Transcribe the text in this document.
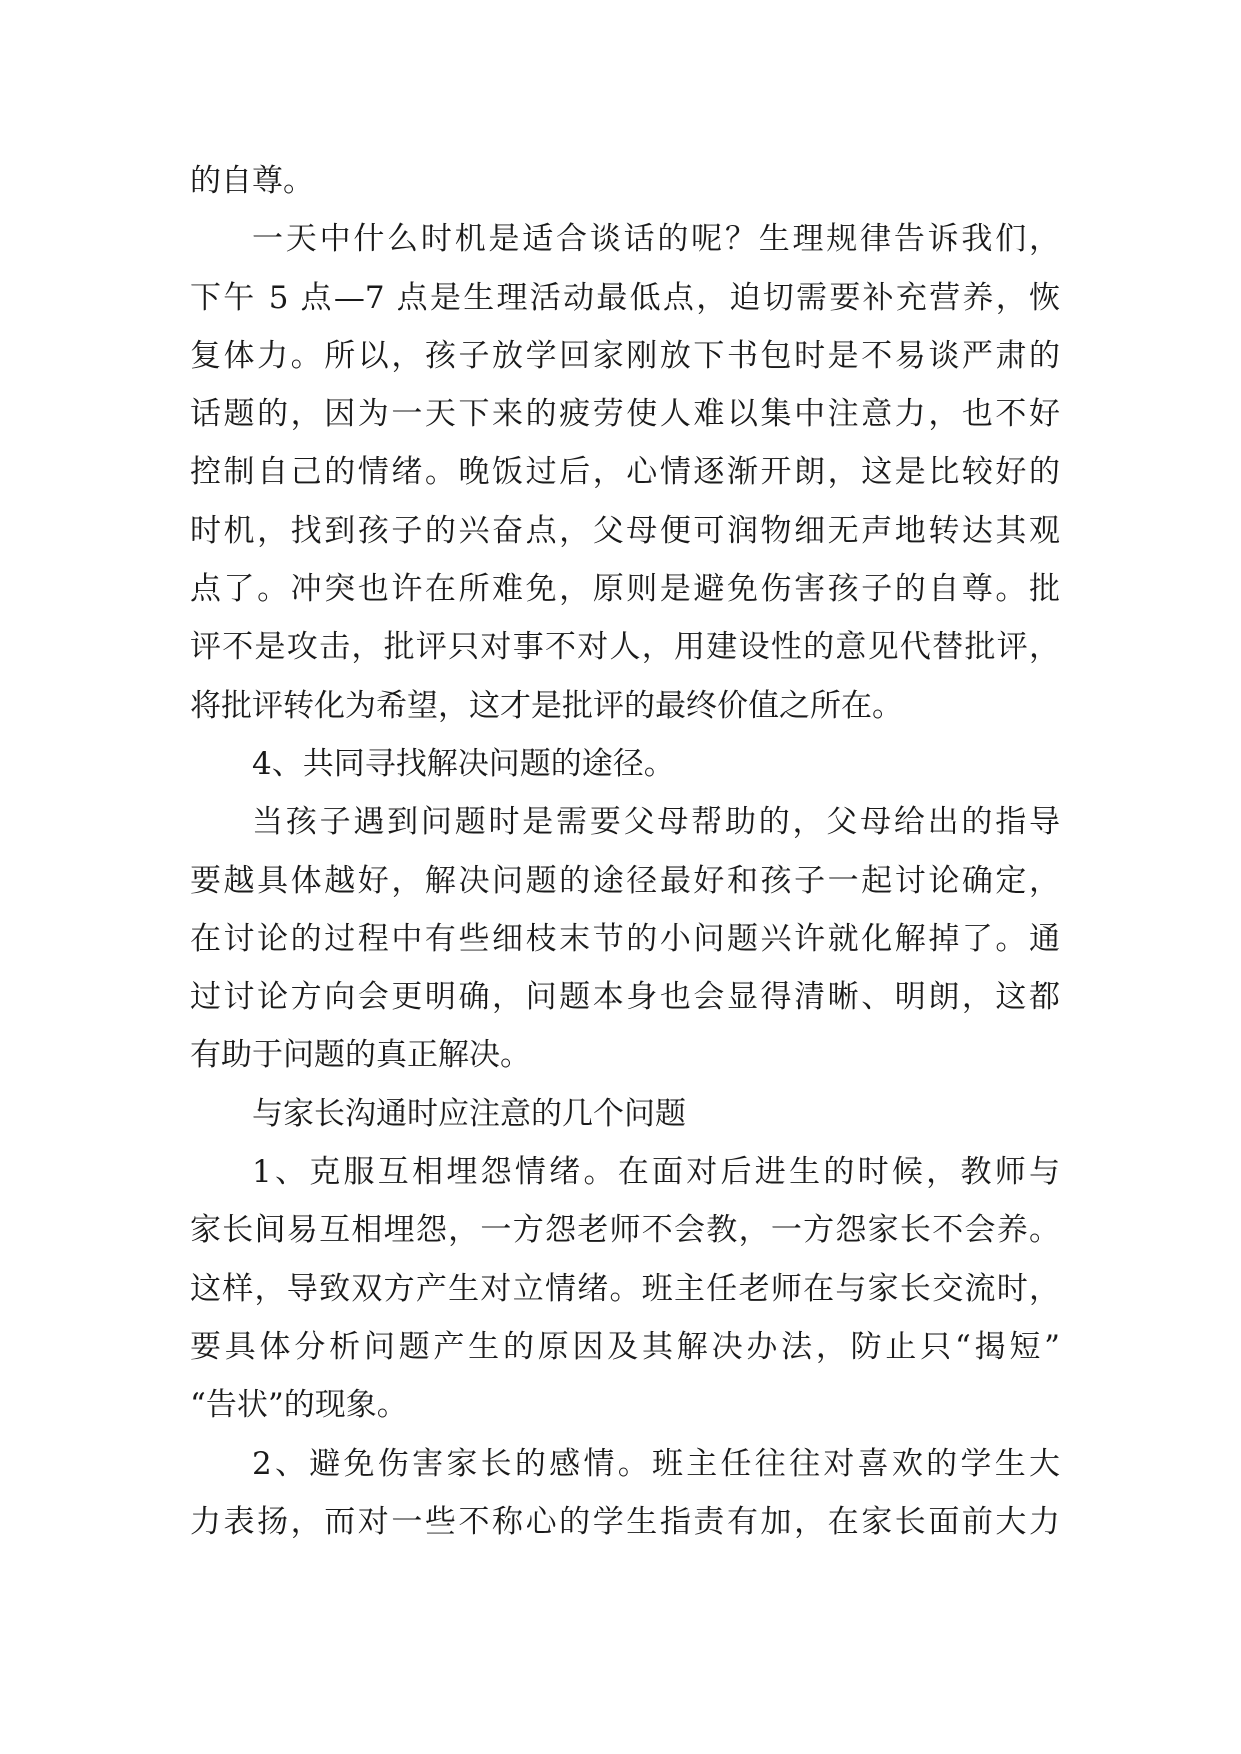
的自尊。
一天中什么时机是适合谈话的呢？生理规律告诉我们，
下午 5 点—7 点是生理活动最低点，迫切需要补充营养，恢
复体力。所以，孩子放学回家刚放下书包时是不易谈严肃的
话题的，因为一天下来的疲劳使人难以集中注意力，也不好
控制自己的情绪。晚饭过后，心情逐渐开朗，这是比较好的
时机，找到孩子的兴奋点，父母便可润物细无声地转达其观
点了。冲突也许在所难免，原则是避免伤害孩子的自尊。批
评不是攻击，批评只对事不对人，用建设性的意见代替批评，
将批评转化为希望，这才是批评的最终价值之所在。
4、共同寻找解决问题的途径。
当孩子遇到问题时是需要父母帮助的，父母给出的指导
要越具体越好，解决问题的途径最好和孩子一起讨论确定，
在讨论的过程中有些细枝末节的小问题兴许就化解掉了。通
过讨论方向会更明确，问题本身也会显得清晰、明朗，这都
有助于问题的真正解决。
与家长沟通时应注意的几个问题
1、克服互相埋怨情绪。在面对后进生的时候，教师与
家长间易互相埋怨，一方怨老师不会教，一方怨家长不会养。
这样，导致双方产生对立情绪。班主任老师在与家长交流时，
要具体分析问题产生的原因及其解决办法，防止只“揭短”
“告状”的现象。
2、避免伤害家长的感情。班主任往往对喜欢的学生大
力表扬，而对一些不称心的学生指责有加，在家长面前大力
